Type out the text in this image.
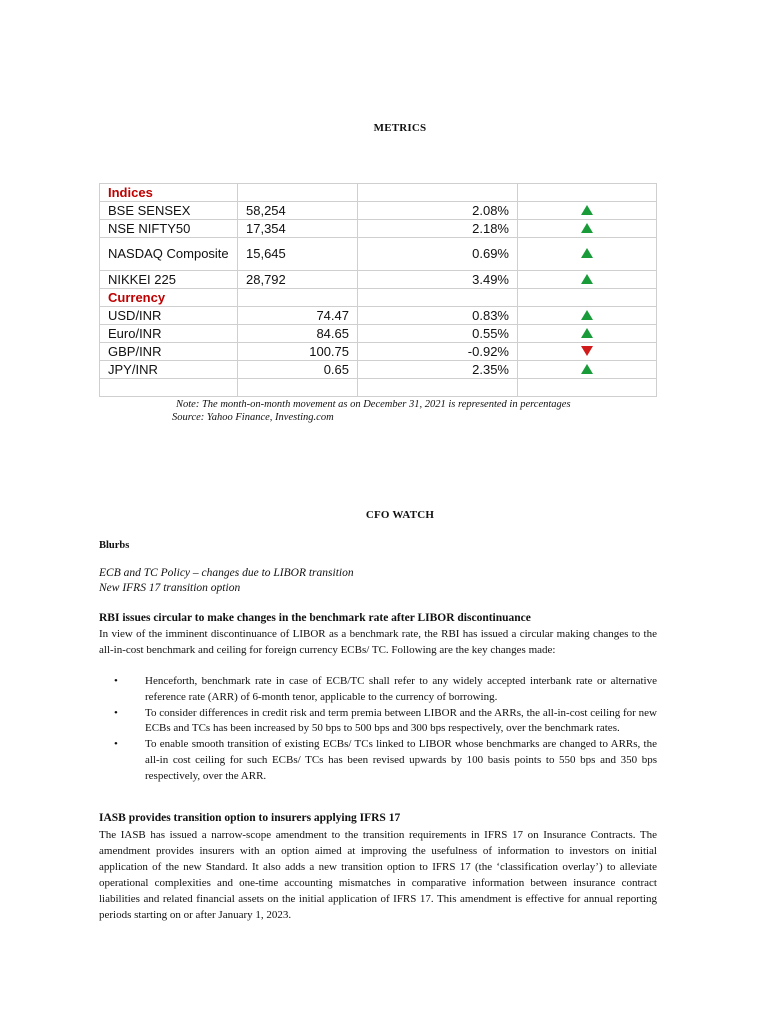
METRICS
Indices			
BSE SENSEX	58,254	2.08%	
NSE NIFTY50	17,354	2.18%	
NASDAQ Composite	15,645	0.69%	
NIKKEI 225	28,792	3.49%	
Currency			
USD/INR	74.47	0.83%	
Euro/INR	84.65	0.55%	
GBP/INR	100.75	-0.92%	
JPY/INR	0.65	2.35%	

Note: The month-on-month movement as on December 31, 2021 is represented in percentages
Source: Yahoo Finance, Investing.com
CFO WATCH
Blurbs
ECB and TC Policy – changes due to LIBOR transition
New IFRS 17 transition option
RBI issues circular to make changes in the benchmark rate after LIBOR discontinuance
In view of the imminent discontinuance of LIBOR as a benchmark rate, the RBI has issued a circular making changes to the all-in-cost benchmark and ceiling for foreign currency ECBs/ TC. Following are the key changes made:
• Henceforth, benchmark rate in case of ECB/TC shall refer to any widely accepted interbank rate or alternative reference rate (ARR) of 6-month tenor, applicable to the currency of borrowing.
• To consider differences in credit risk and term premia between LIBOR and the ARRs, the all-in-cost ceiling for new ECBs and TCs has been increased by 50 bps to 500 bps and 300 bps respectively, over the benchmark rates.
• To enable smooth transition of existing ECBs/ TCs linked to LIBOR whose benchmarks are changed to ARRs, the all-in cost ceiling for such ECBs/ TCs has been revised upwards by 100 basis points to 550 bps and 350 bps respectively, over the ARR.
IASB provides transition option to insurers applying IFRS 17
The IASB has issued a narrow-scope amendment to the transition requirements in IFRS 17 on Insurance Contracts. The amendment provides insurers with an option aimed at improving the usefulness of information to investors on initial application of the new Standard. It also adds a new transition option to IFRS 17 (the ‘classification overlay’) to alleviate operational complexities and one-time accounting mismatches in comparative information between insurance contract liabilities and related financial assets on the initial application of IFRS 17. This amendment is effective for annual reporting periods starting on or after January 1, 2023.
